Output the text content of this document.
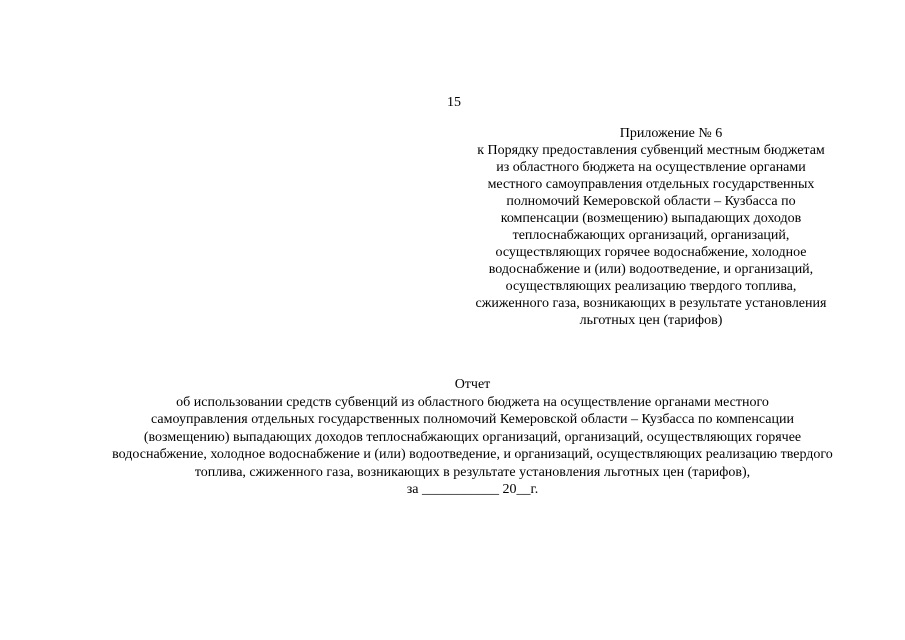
15
Приложение № 6
к Порядку предоставления субвенций местным бюджетам
из областного бюджета на осуществление органами
местного самоуправления отдельных государственных
полномочий Кемеровской области – Кузбасса по
компенсации (возмещению) выпадающих доходов
теплоснабжающих организаций, организаций,
осуществляющих горячее водоснабжение, холодное
водоснабжение и (или) водоотведение, и организаций,
осуществляющих реализацию твердого топлива,
сжиженного газа, возникающих в результате установления
льготных цен (тарифов)
Отчет
об использовании средств субвенций из областного бюджета на осуществление органами местного
самоуправления отдельных государственных полномочий Кемеровской области – Кузбасса по компенсации
(возмещению) выпадающих доходов теплоснабжающих организаций, организаций, осуществляющих горячее
водоснабжение, холодное водоснабжение и (или) водоотведение, и организаций, осуществляющих реализацию твердого
топлива, сжиженного газа, возникающих в результате установления льготных цен (тарифов),
за ___________ 20__г.
